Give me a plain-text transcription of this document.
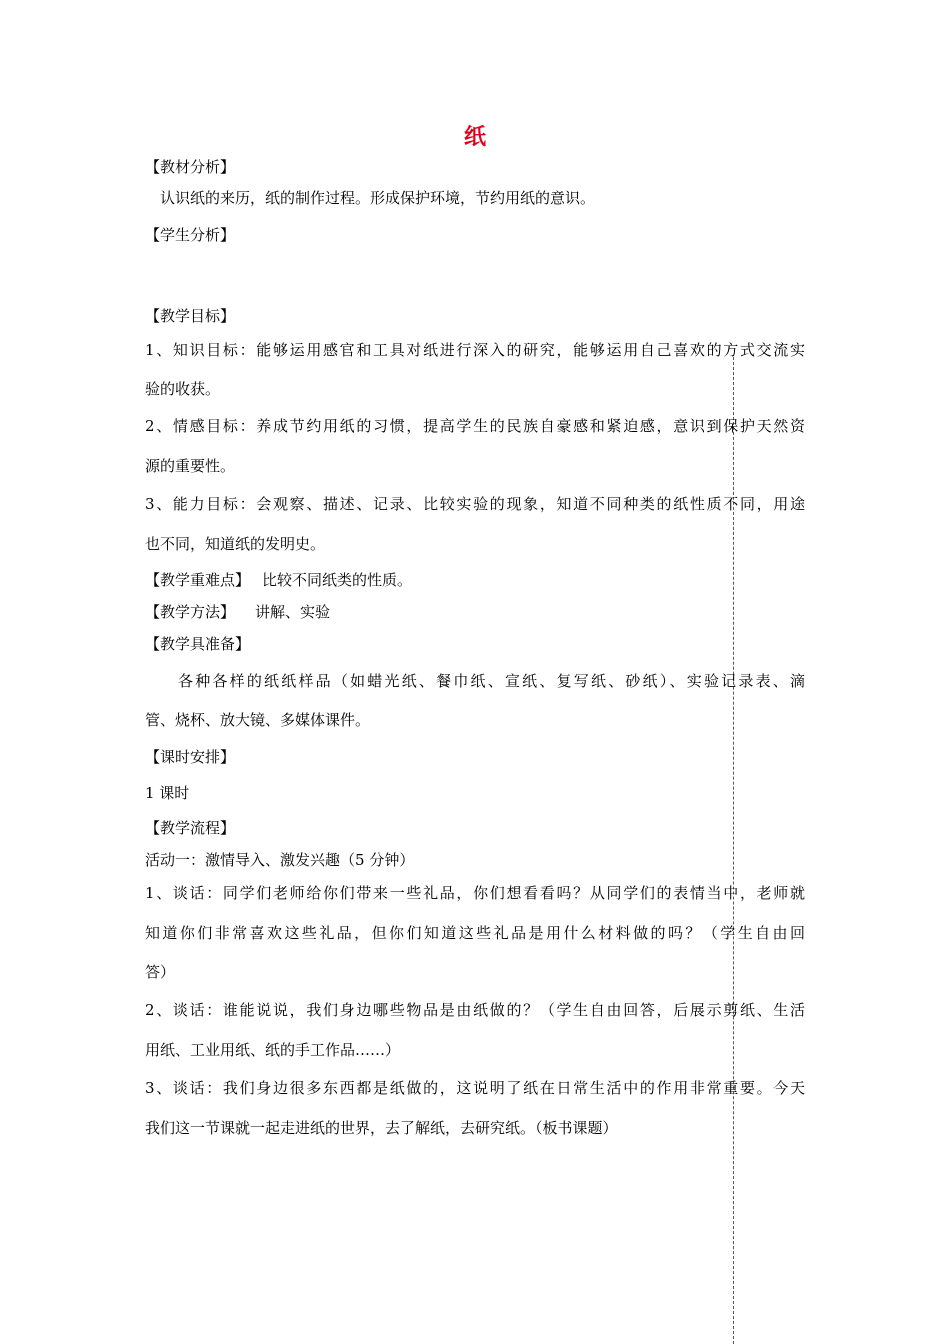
纸
【教材分析】
认识纸的来历，纸的制作过程。形成保护环境，节约用纸的意识。
【学生分析】
【教学目标】
1、知识目标：能够运用感官和工具对纸进行深入的研究，能够运用自己喜欢的方式交流实
验的收获。
2、情感目标：养成节约用纸的习惯，提高学生的民族自豪感和紧迫感，意识到保护天然资
源的重要性。
3、能力目标：会观察、描述、记录、比较实验的现象，知道不同种类的纸性质不同，用途
也不同，知道纸的发明史。
【教学重难点】 比较不同纸类的性质。
【教学方法】 讲解、实验
【教学具准备】
各种各样的纸纸样品（如蜡光纸、餐巾纸、宣纸、复写纸、砂纸）、实验记录表、滴
管、烧杯、放大镜、多媒体课件。
【课时安排】
1 课时
【教学流程】
活动一：激情导入、激发兴趣（5 分钟）
1、谈话：同学们老师给你们带来一些礼品，你们想看看吗？从同学们的表情当中，老师就
知道你们非常喜欢这些礼品，但你们知道这些礼品是用什么材料做的吗？（学生自由回
答）
2、谈话：谁能说说，我们身边哪些物品是由纸做的？（学生自由回答，后展示剪纸、生活
用纸、工业用纸、纸的手工作品……）
3、谈话：我们身边很多东西都是纸做的，这说明了纸在日常生活中的作用非常重要。今天
我们这一节课就一起走进纸的世界，去了解纸，去研究纸。（板书课题）
